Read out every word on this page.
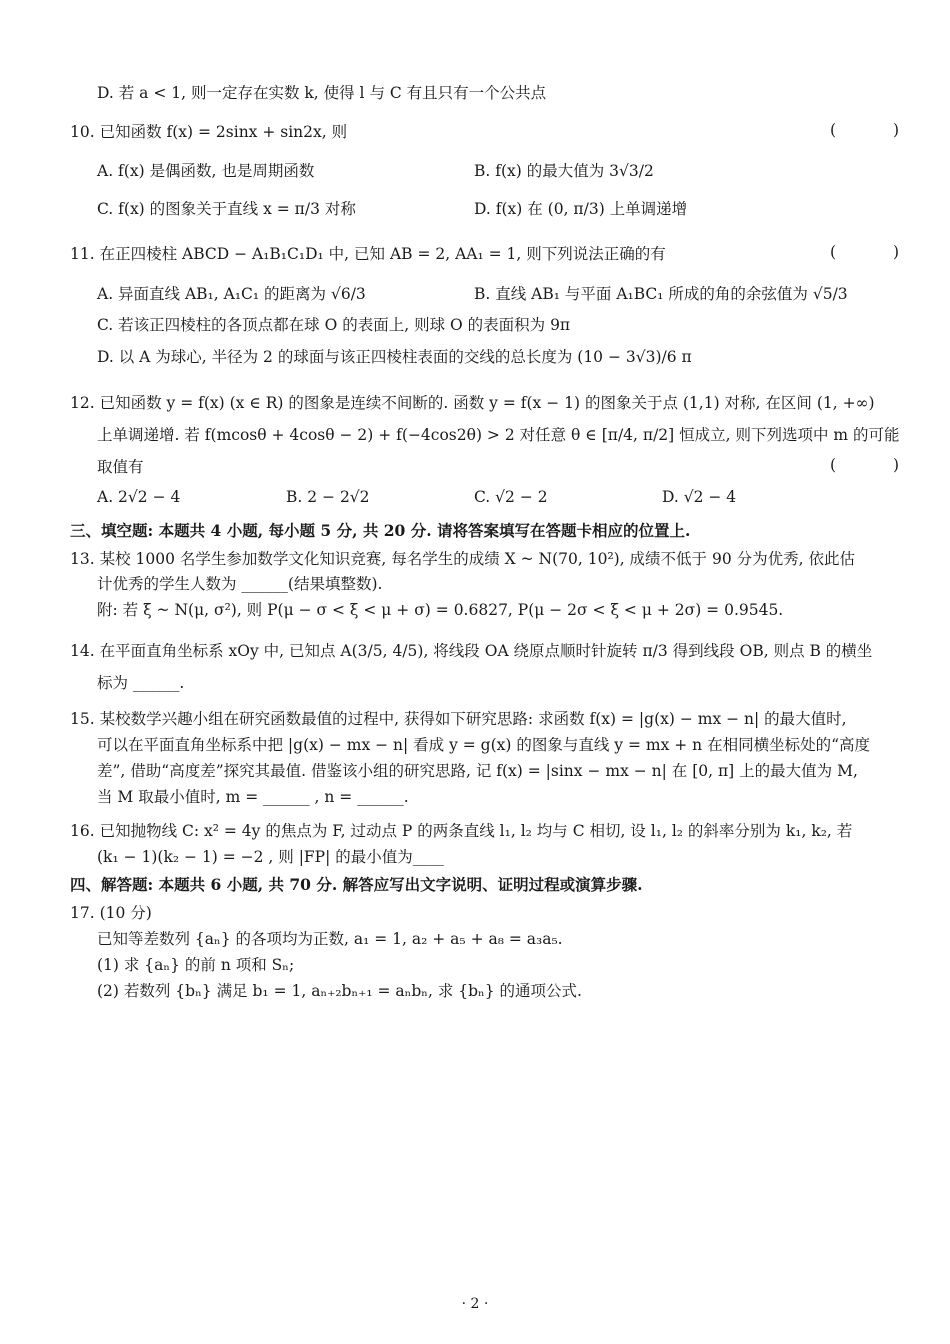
D. 若 a < 1, 则一定存在实数 k, 使得 l 与 C 有且只有一个公共点
10. 已知函数 f(x) = 2sinx + sin2x, 则	( )
A. f(x) 是偶函数, 也是周期函数	B. f(x) 的最大值为 3√3/2
C. f(x) 的图象关于直线 x = π/3 对称	D. f(x) 在 (0, π/3) 上单调递增
11. 在正四棱柱 ABCD − A₁B₁C₁D₁ 中, 已知 AB = 2, AA₁ = 1, 则下列说法正确的有	( )
A. 异面直线 AB₁, A₁C₁ 的距离为 √6/3	B. 直线 AB₁ 与平面 A₁BC₁ 所成的角的余弦值为 √5/3
C. 若该正四棱柱的各顶点都在球 O 的表面上, 则球 O 的表面积为 9π
D. 以 A 为球心, 半径为 2 的球面与该正四棱柱表面的交线的总长度为 (10 − 3√3)/6 π
12. 已知函数 y = f(x) (x ∈ R) 的图象是连续不间断的. 函数 y = f(x − 1) 的图象关于点 (1,1) 对称, 在区间 (1, +∞)
上单调递增. 若 f(mcosθ + 4cosθ − 2) + f(−4cos2θ) > 2 对任意 θ ∈ [π/4, π/2] 恒成立, 则下列选项中 m 的可能
取值有	( )
A. 2√2 − 4	B. 2 − 2√2	C. √2 − 2	D. √2 − 4
三、填空题: 本题共 4 小题, 每小题 5 分, 共 20 分. 请将答案填写在答题卡相应的位置上.
13. 某校 1000 名学生参加数学文化知识竞赛, 每名学生的成绩 X ~ N(70, 10²), 成绩不低于 90 分为优秀, 依此估
计优秀的学生人数为 ______(结果填整数).
附: 若 ξ ~ N(μ, σ²), 则 P(μ − σ < ξ < μ + σ) = 0.6827, P(μ − 2σ < ξ < μ + 2σ) = 0.9545.
14. 在平面直角坐标系 xOy 中, 已知点 A(3/5, 4/5), 将线段 OA 绕原点顺时针旋转 π/3 得到线段 OB, 则点 B 的横坐
标为 ______.
15. 某校数学兴趣小组在研究函数最值的过程中, 获得如下研究思路: 求函数 f(x) = |g(x) − mx − n| 的最大值时,
可以在平面直角坐标系中把 |g(x) − mx − n| 看成 y = g(x) 的图象与直线 y = mx + n 在相同横坐标处的“高度
差”, 借助“高度差”探究其最值. 借鉴该小组的研究思路, 记 f(x) = |sinx − mx − n| 在 [0, π] 上的最大值为 M,
当 M 取最小值时, m = ______ , n = ______.
16. 已知抛物线 C: x² = 4y 的焦点为 F, 过动点 P 的两条直线 l₁, l₂ 均与 C 相切, 设 l₁, l₂ 的斜率分别为 k₁, k₂, 若
(k₁ − 1)(k₂ − 1) = −2 , 则 |FP| 的最小值为____
四、解答题: 本题共 6 小题, 共 70 分. 解答应写出文字说明、证明过程或演算步骤.
17. (10 分)
已知等差数列 {aₙ} 的各项均为正数, a₁ = 1, a₂ + a₅ + a₈ = a₃a₅.
(1) 求 {aₙ} 的前 n 项和 Sₙ;
(2) 若数列 {bₙ} 满足 b₁ = 1, aₙ₊₂bₙ₊₁ = aₙbₙ, 求 {bₙ} 的通项公式.
· 2 ·
